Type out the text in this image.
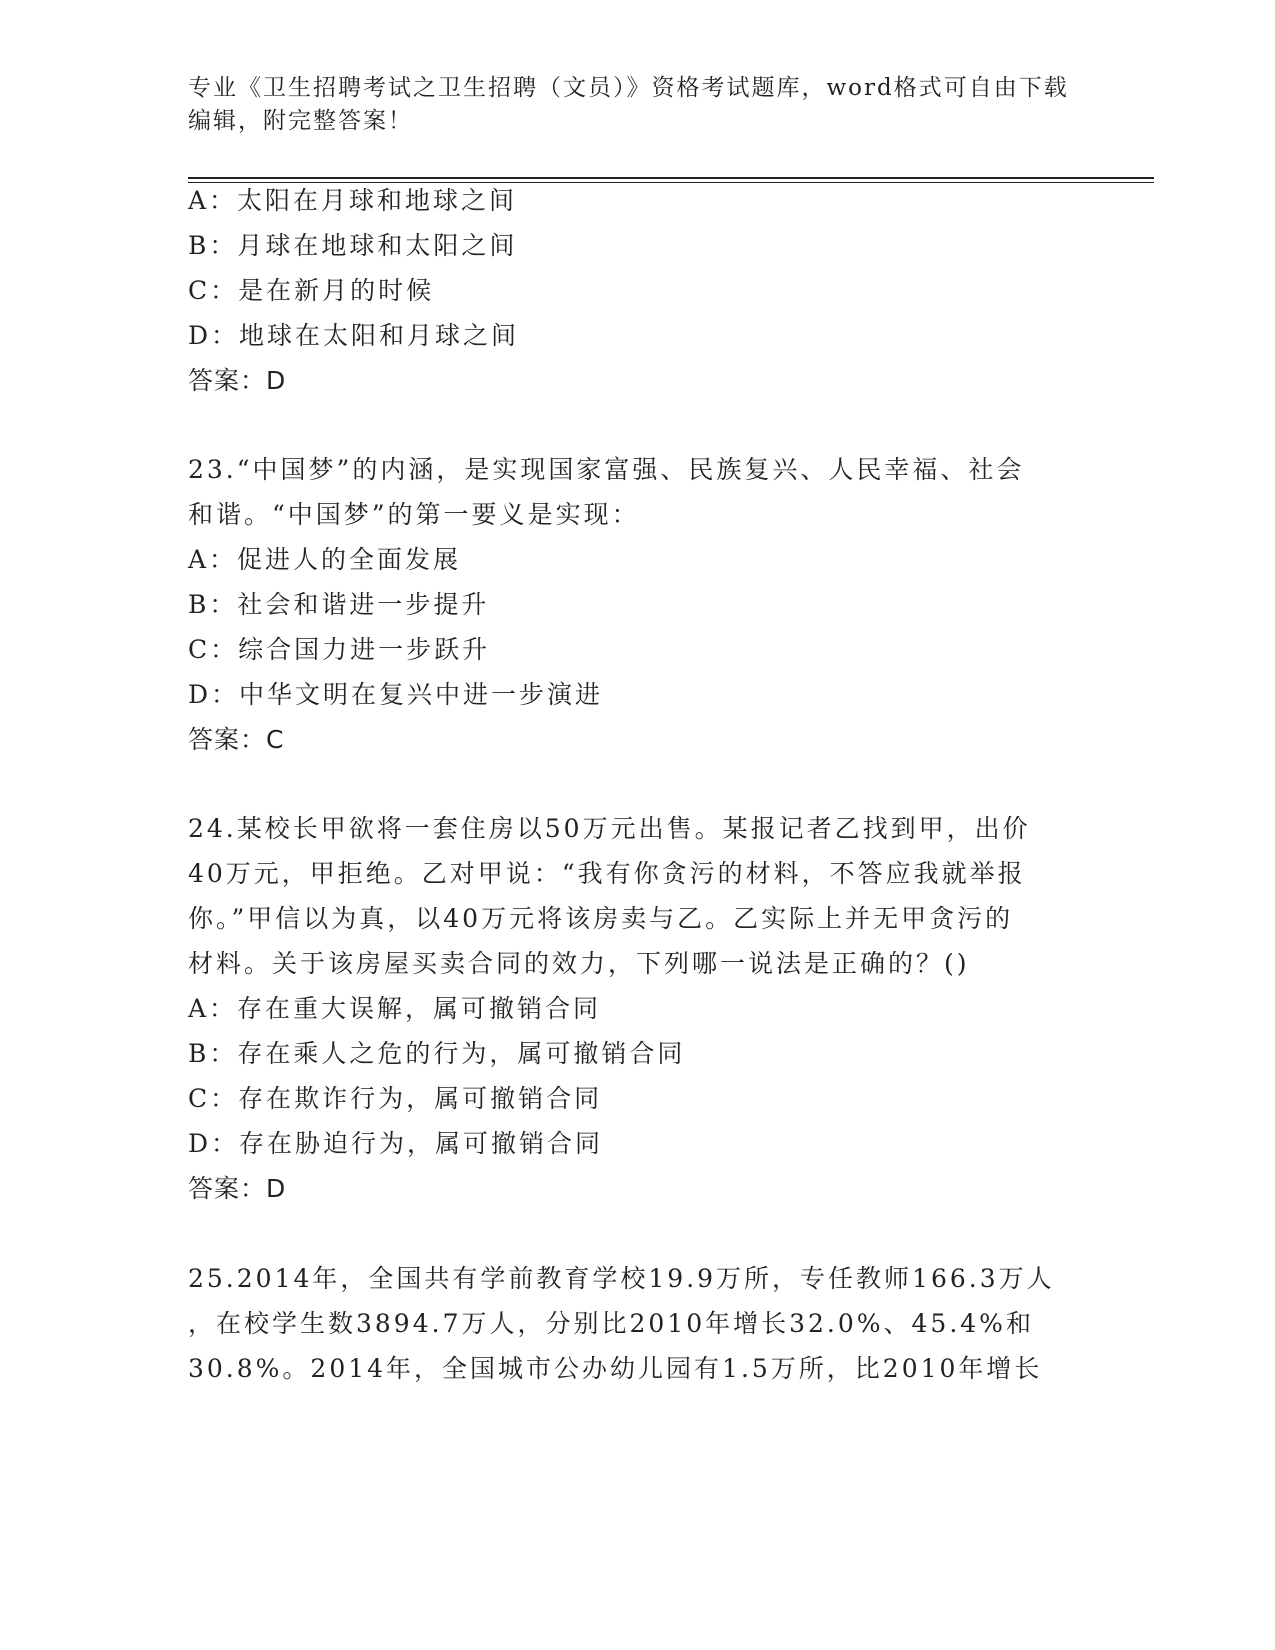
专业《卫生招聘考试之卫生招聘（文员）》资格考试题库，word格式可自由下载
编辑，附完整答案！
A：太阳在月球和地球之间
B：月球在地球和太阳之间
C：是在新月的时候
D：地球在太阳和月球之间
答案：D
23.“中国梦”的内涵，是实现国家富强、民族复兴、人民幸福、社会
和谐。“中国梦”的第一要义是实现：
A：促进人的全面发展
B：社会和谐进一步提升
C：综合国力进一步跃升
D：中华文明在复兴中进一步演进
答案：C
24.某校长甲欲将一套住房以50万元出售。某报记者乙找到甲，出价
40万元，甲拒绝。乙对甲说：“我有你贪污的材料，不答应我就举报
你。”甲信以为真，以40万元将该房卖与乙。乙实际上并无甲贪污的
材料。关于该房屋买卖合同的效力，下列哪一说法是正确的？()
A：存在重大误解，属可撤销合同
B：存在乘人之危的行为，属可撤销合同
C：存在欺诈行为，属可撤销合同
D：存在胁迫行为，属可撤销合同
答案：D
25.2014年，全国共有学前教育学校19.9万所，专任教师166.3万人
，在校学生数3894.7万人，分别比2010年增长32.0%、45.4%和
30.8%。2014年，全国城市公办幼儿园有1.5万所，比2010年增长
